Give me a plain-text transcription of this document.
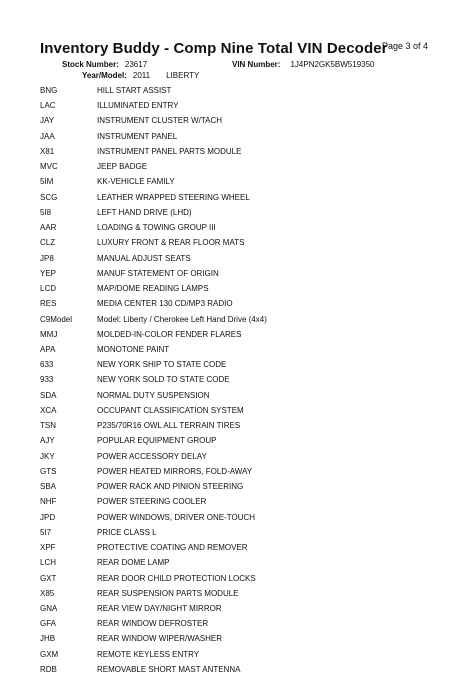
Inventory Buddy - Comp Nine Total VIN Decoder
Page 3 of 4
Stock Number: 23617	VIN Number: 1J4PN2GK5BW519350
Year/Model: 2011 LIBERTY
BNG	HILL START ASSIST
LAC	ILLUMINATED ENTRY
JAY	INSTRUMENT CLUSTER W/TACH
JAA	INSTRUMENT PANEL
X81	INSTRUMENT PANEL PARTS MODULE
MVC	JEEP BADGE
5IM	KK-VEHICLE FAMILY
SCG	LEATHER WRAPPED STEERING WHEEL
5I8	LEFT HAND DRIVE (LHD)
AAR	LOADING & TOWING GROUP III
CLZ	LUXURY FRONT & REAR FLOOR MATS
JP8	MANUAL ADJUST SEATS
YEP	MANUF STATEMENT OF ORIGIN
LCD	MAP/DOME READING LAMPS
RES	MEDIA CENTER 130 CD/MP3 RADIO
C9Model	Model: Liberty / Cherokee Left Hand Drive (4x4)
MMJ	MOLDED-IN-COLOR FENDER FLARES
APA	MONOTONE PAINT
633	NEW YORK SHIP TO STATE CODE
933	NEW YORK SOLD TO STATE CODE
SDA	NORMAL DUTY SUSPENSION
XCA	OCCUPANT CLASSIFICATION SYSTEM
TSN	P235/70R16 OWL ALL TERRAIN TIRES
AJY	POPULAR EQUIPMENT GROUP
JKY	POWER ACCESSORY DELAY
GTS	POWER HEATED MIRRORS, FOLD-AWAY
SBA	POWER RACK AND PINION STEERING
NHF	POWER STEERING COOLER
JPD	POWER WINDOWS, DRIVER ONE-TOUCH
5I7	PRICE CLASS L
XPF	PROTECTIVE COATING AND REMOVER
LCH	REAR DOME LAMP
GXT	REAR DOOR CHILD PROTECTION LOCKS
X85	REAR SUSPENSION PARTS MODULE
GNA	REAR VIEW DAY/NIGHT MIRROR
GFA	REAR WINDOW DEFROSTER
JHB	REAR WINDOW WIPER/WASHER
GXM	REMOTE KEYLESS ENTRY
RDB	REMOVABLE SHORT MAST ANTENNA
